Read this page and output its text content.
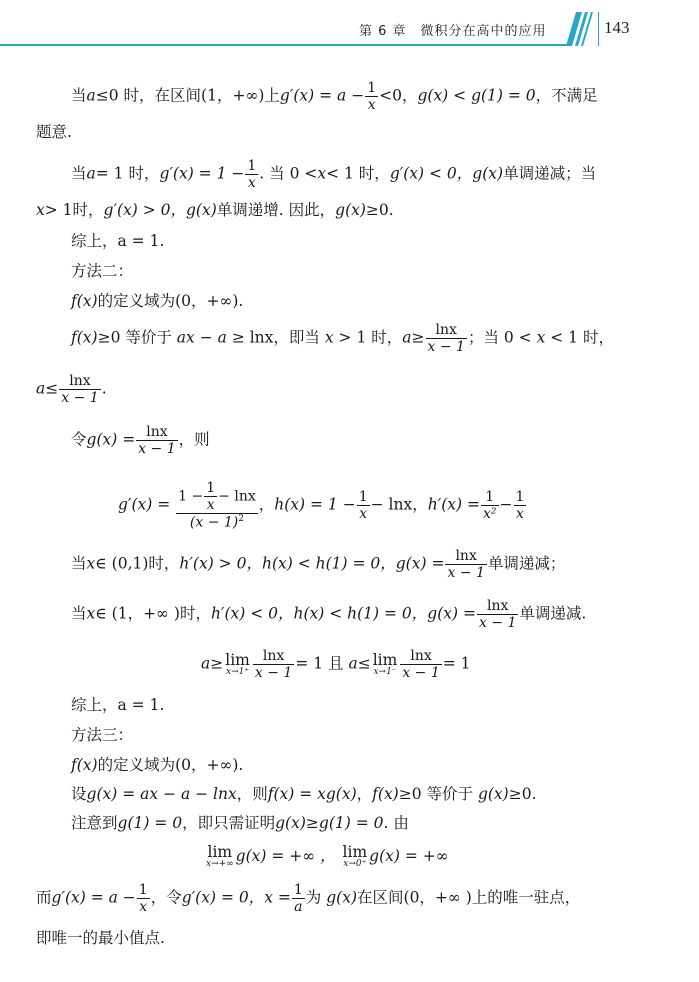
第 6 章　微积分在高中的应用	143
当a≤0 时，在区间(1，+∞)上$g'(x) = a - \frac{1}{x} <0$，g(x) < g(1) = 0，不满足
题意.
当a= 1 时，$g'(x) = 1 - \frac{1}{x}$ . 当 0 <x< 1 时，g′(x) < 0，g(x)单调递减；当
x> 1时，g′(x) > 0，g(x)单调递增. 因此，g(x)≥0.
综上，a = 1.
方法二：
f(x)的定义域为(0，+∞).
f(x)≥0 等价于 ax − a ≥ lnx，即当 x > 1 时，$a\ge \frac{\ln x}{x - 1}$ ；当 0 < x < 1 时，
$a\le \frac{\ln x}{x - 1}$ .
令$g(x) = \frac{\ln x}{x - 1}$ ，则
$g'(x) = \frac{1 - \frac{1}{x} - \ln x}{(x - 1)^2}$ ，$h(x) = 1 - \frac{1}{x} - \ln x$，$h'(x) = \frac{1}{\text{x²}} - \frac{1}{x}$
当x∈ (0,1)时，h′(x) > 0，h(x) < h(1) = 0，$g(x) = \frac{\ln x}{x - 1}$ 单调递减；
当x∈ (1，+∞ )时，h′(x) < 0，h(x) < h(1) = 0，$g(x) = \frac{\ln x}{x - 1}$ 单调递减.
a≥ lim
$x\to 1^+ \frac{\ln x}{x - 1} = 1$ 且 a≤ lim
$x\to 1^- \frac{\ln x}{x - 1} = 1$
综上，a = 1.
方法三：
f(x)的定义域为(0，+∞).
设g(x) = ax − a − lnx，则f(x) = xg(x)，f(x)≥0 等价于 g(x)≥0.
注意到g(1) = 0，即只需证明g(x)≥g(1) = 0. 由
lim
x→+∞ g(x) = +∞ ， lim
x→0⁺ g(x) = +∞
而$g'(x) = a - \frac{1}{x}$ ，令g′(x) = 0，$x = \frac{1}{a}$ 为 g(x)在区间(0，+∞ )上的唯一驻点，
即唯一的最小值点.
